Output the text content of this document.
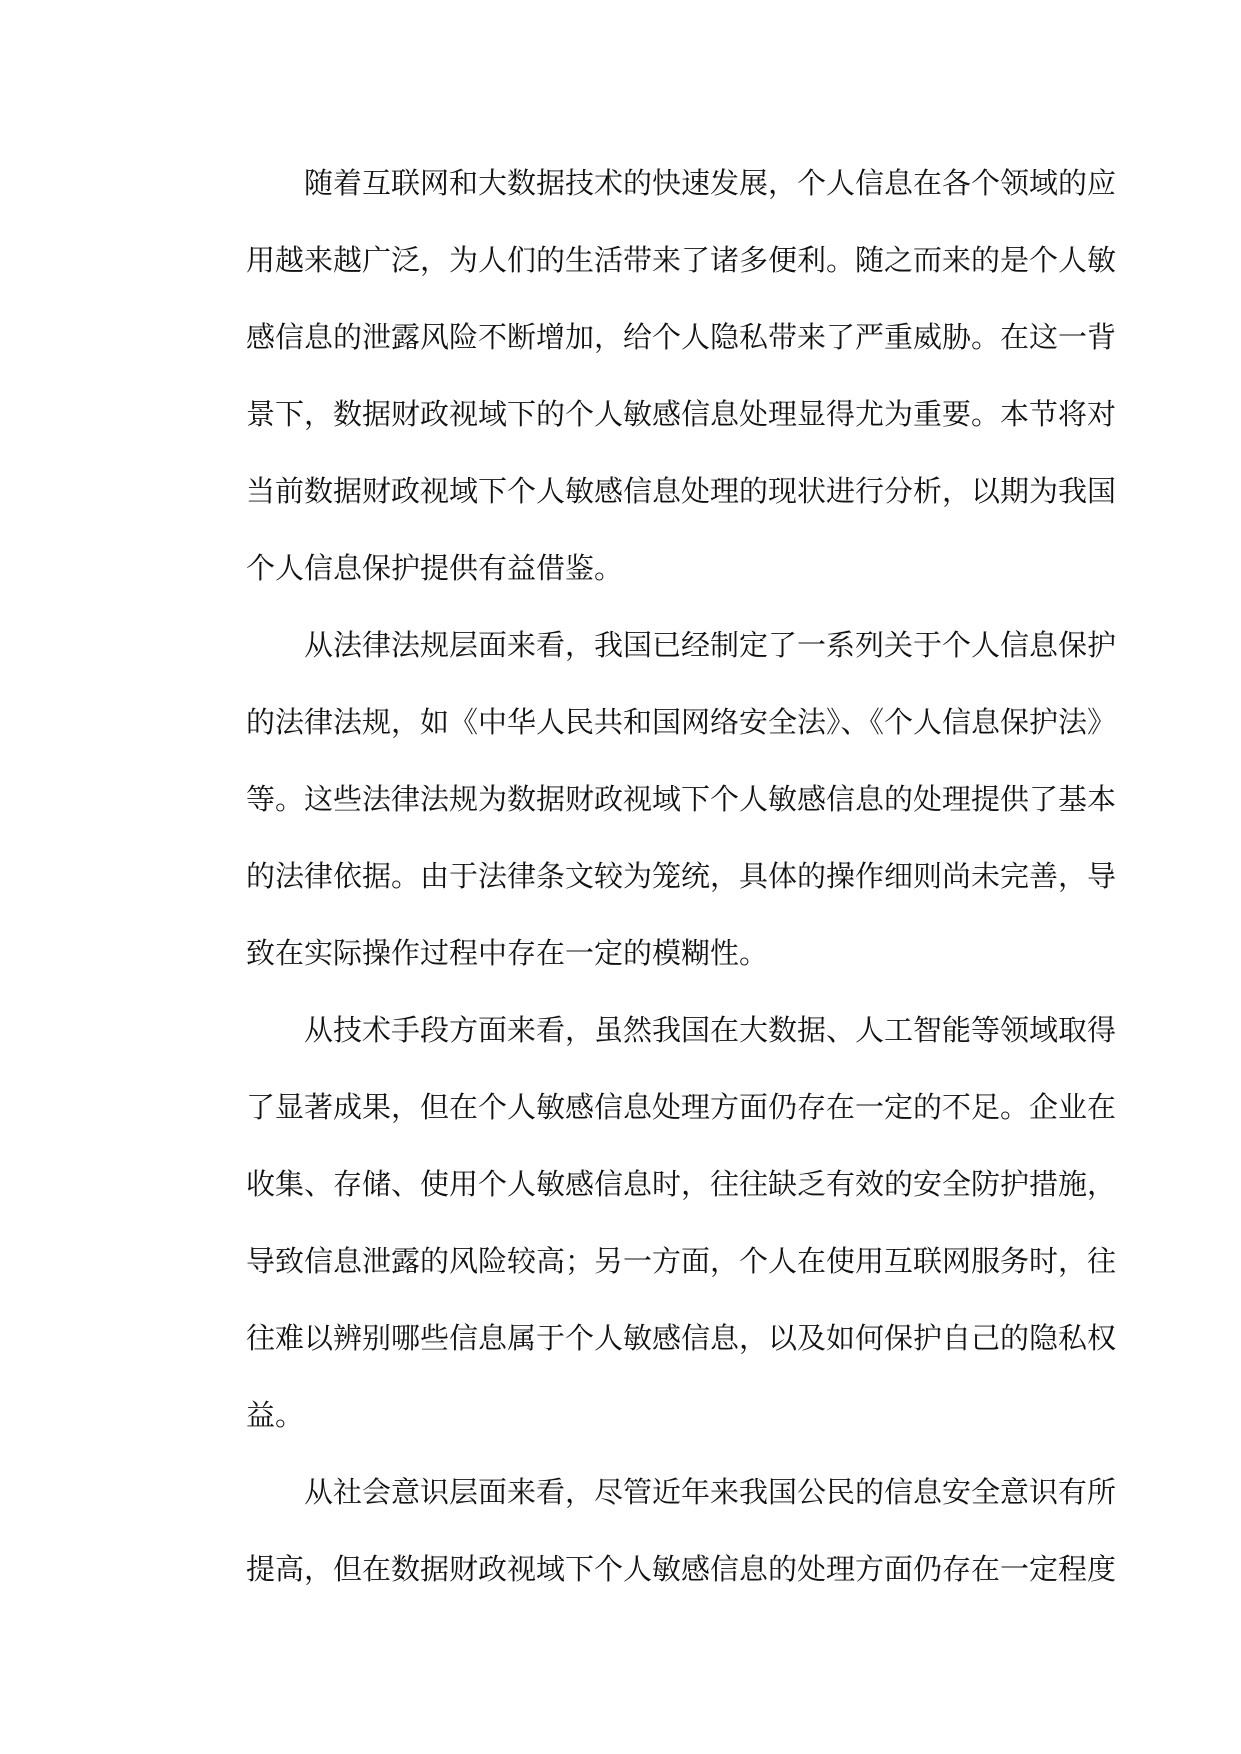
随着互联网和大数据技术的快速发展，个人信息在各个领域的应
用越来越广泛，为人们的生活带来了诸多便利。随之而来的是个人敏
感信息的泄露风险不断增加，给个人隐私带来了严重威胁。在这一背
景下，数据财政视域下的个人敏感信息处理显得尤为重要。本节将对
当前数据财政视域下个人敏感信息处理的现状进行分析，以期为我国
个人信息保护提供有益借鉴。
从法律法规层面来看，我国已经制定了一系列关于个人信息保护
的法律法规，如《中华人民共和国网络安全法》、《个人信息保护法》
等。这些法律法规为数据财政视域下个人敏感信息的处理提供了基本
的法律依据。由于法律条文较为笼统，具体的操作细则尚未完善，导
致在实际操作过程中存在一定的模糊性。
从技术手段方面来看，虽然我国在大数据、人工智能等领域取得
了显著成果，但在个人敏感信息处理方面仍存在一定的不足。企业在
收集、存储、使用个人敏感信息时，往往缺乏有效的安全防护措施，
导致信息泄露的风险较高；另一方面，个人在使用互联网服务时，往
往难以辨别哪些信息属于个人敏感信息，以及如何保护自己的隐私权
益。
从社会意识层面来看，尽管近年来我国公民的信息安全意识有所
提高，但在数据财政视域下个人敏感信息的处理方面仍存在一定程度
